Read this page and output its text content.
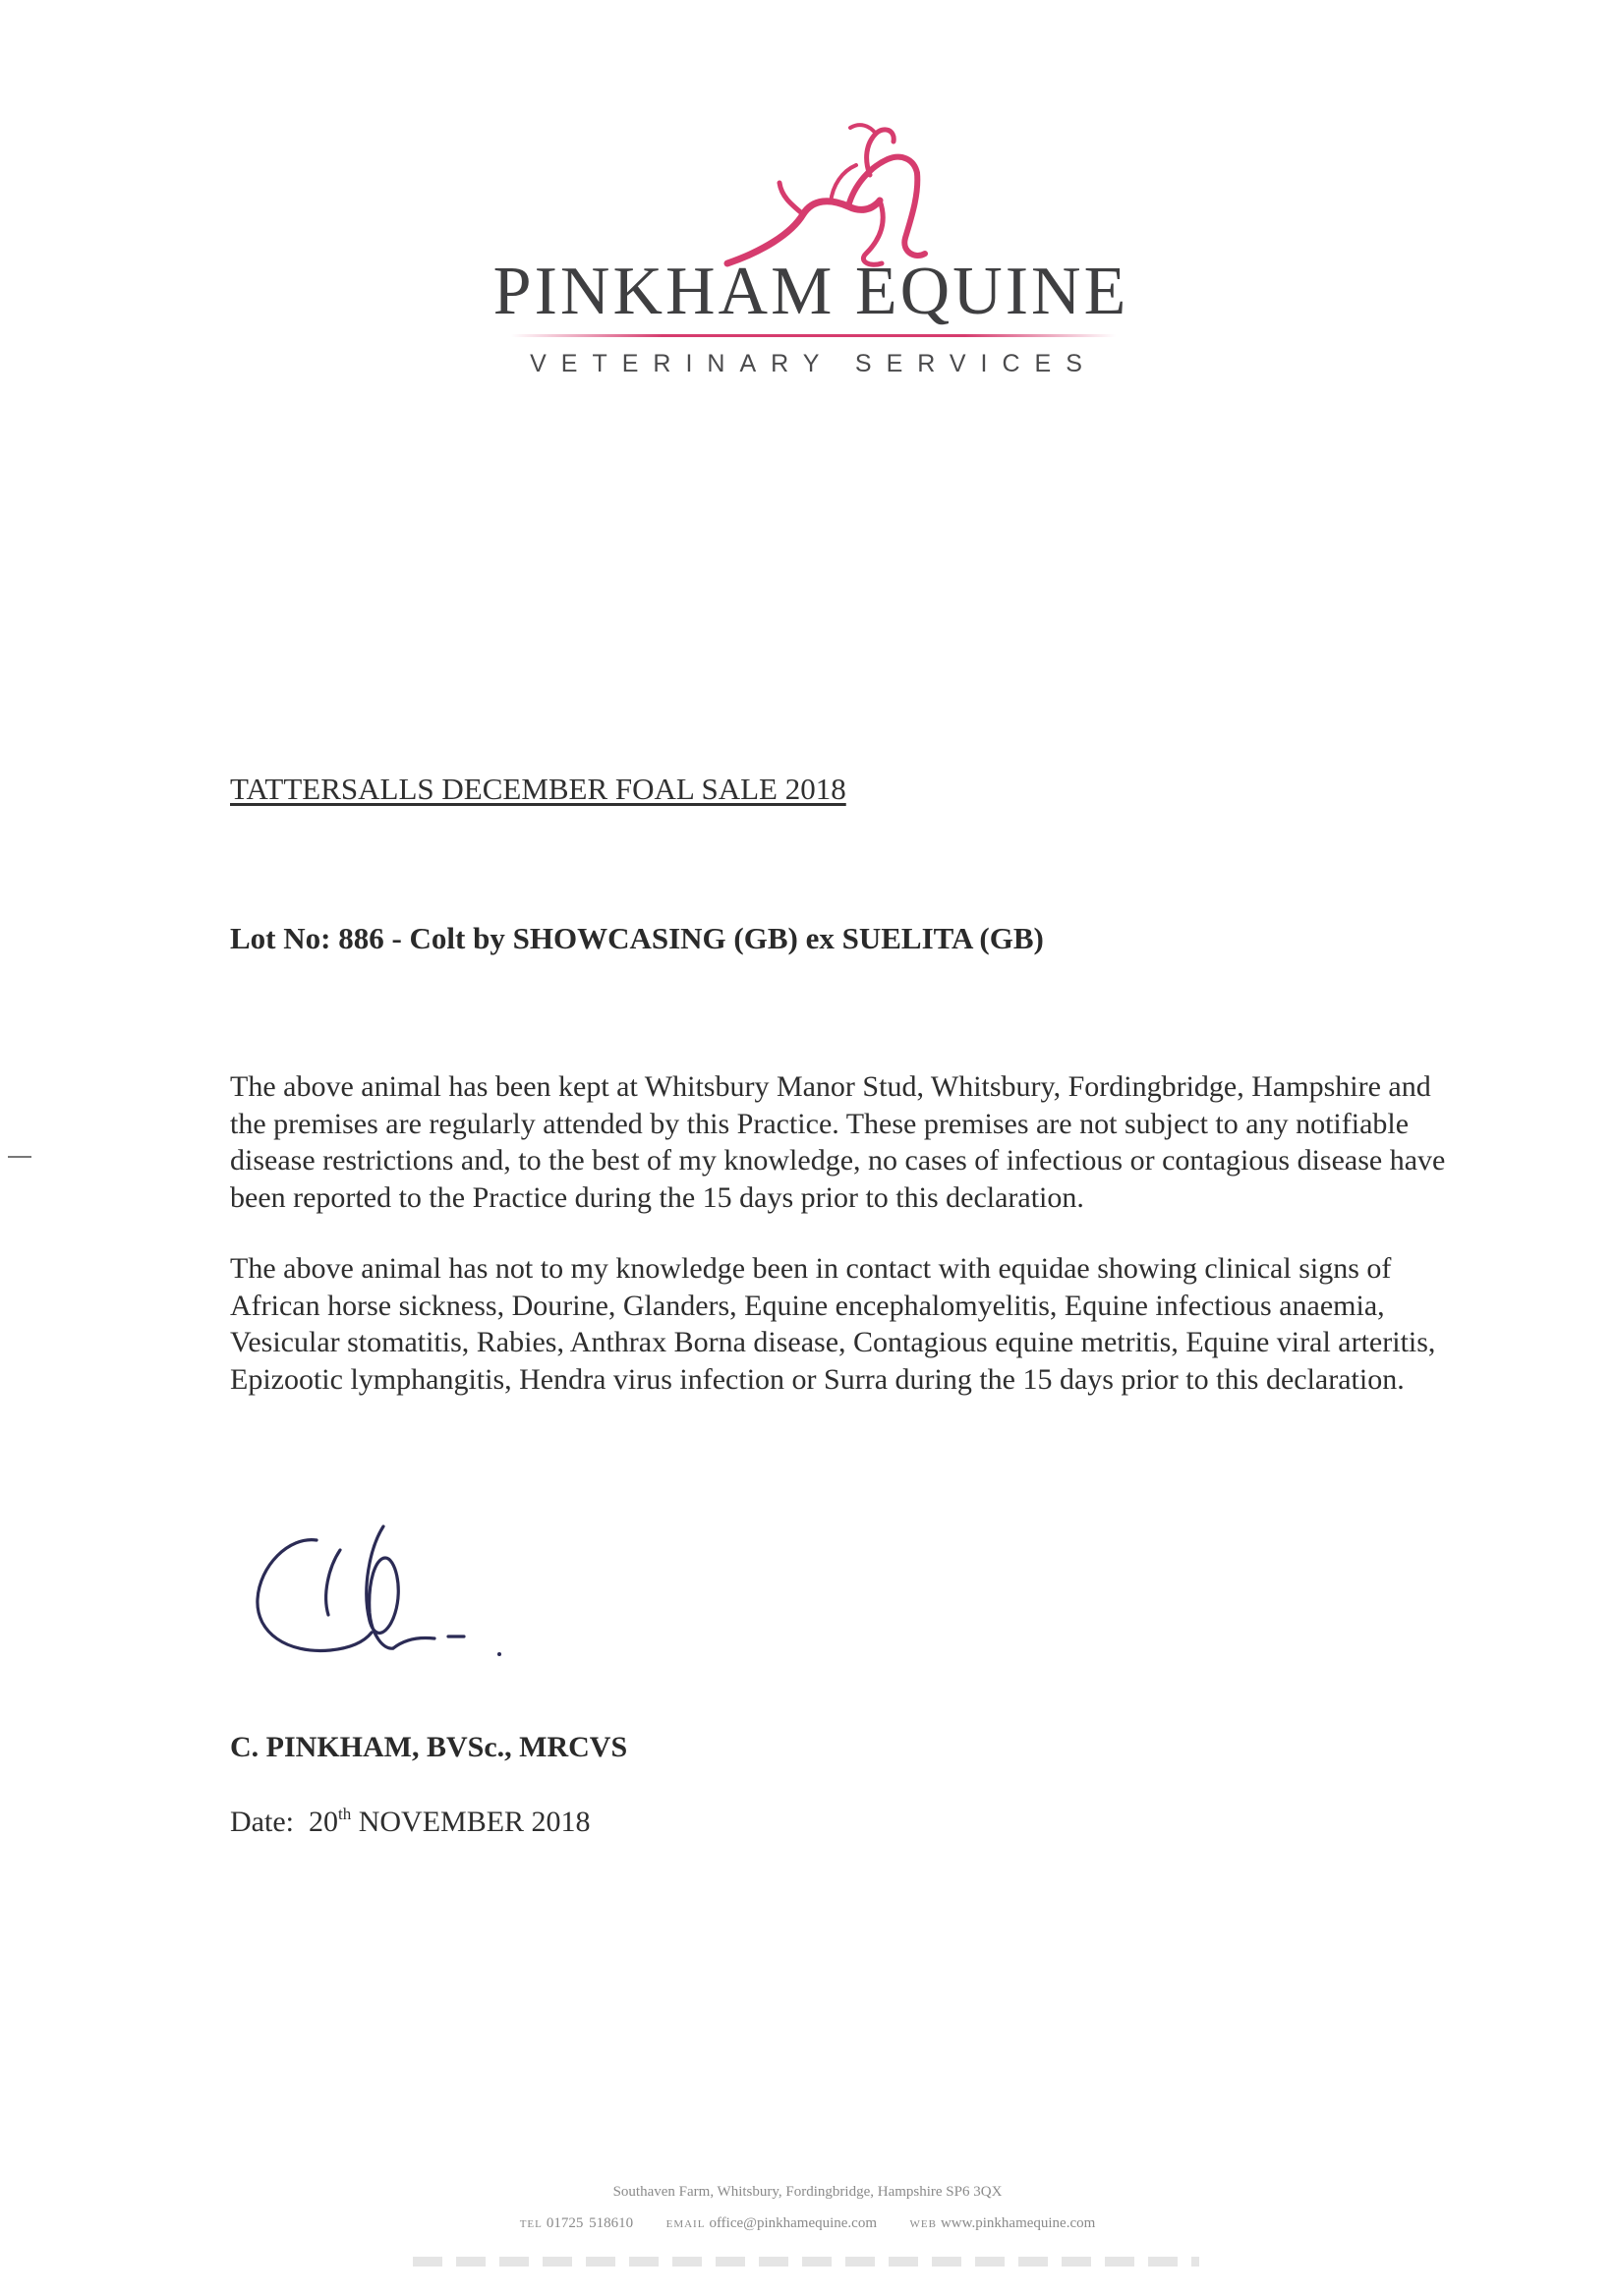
PINKHAM EQUINE
VETERINARY SERVICES
TATTERSALLS DECEMBER FOAL SALE 2018
Lot No: 886 - Colt by SHOWCASING (GB) ex SUELITA (GB)

The above animal has been kept at Whitsbury Manor Stud, Whitsbury, Fordingbridge, Hampshire and the premises are regularly attended by this Practice. These premises are not subject to any notifiable disease restrictions and, to the best of my knowledge, no cases of infectious or contagious disease have been reported to the Practice during the 15 days prior to this declaration.

The above animal has not to my knowledge been in contact with equidae showing clinical signs of African horse sickness, Dourine, Glanders, Equine encephalomyelitis, Equine infectious anaemia, Vesicular stomatitis, Rabies, Anthrax Borna disease, Contagious equine metritis, Equine viral arteritis, Epizootic lymphangitis, Hendra virus infection or Surra during the 15 days prior to this declaration.

C. PINKHAM, BVSc., MRCVS
Date: 20th NOVEMBER 2018
Southaven Farm, Whitsbury, Fordingbridge, Hampshire SP6 3QX
TEL 01725 518610	EMAIL office@pinkhamequine.com	WEB www.pinkhamequine.com
